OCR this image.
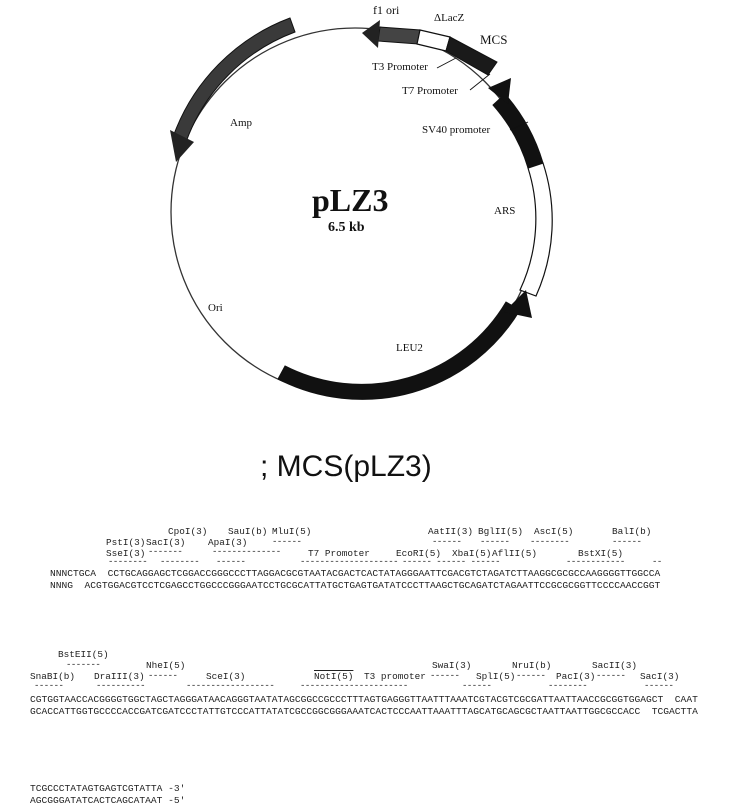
f1 ori
ΔLacZ
MCS
T3 Promoter
T7 Promoter
SV40 promoter
ARS
LEU2
Ori
Amp
pLZ3
6.5 kb
; MCS(pLZ3)
PstI(3) SacI(3)
SseI(3) -------
-------- --------
CpoI(3)
ApaI(3)
--------------
------
SauI(b) MluI(5)
------
T7 Promoter
--------------------
EcoRI(5)
AatII(3)
------
BglII(5)
------
XbaI(5) AflII(5)
------ ------ ------
AscI(5)
--------
BstXI(5)
------------
BalI(b)
------
--
NNNCTGCA  CCTGCAGGAGCTCGGACCGGGCCCTTAGGACGCGTAATACGACTCACTATAGGGAATTCGACGTCTAGATCTTAAGGCGCGCCAAGGGGTTGGCCA
NNNG  ACGTGGACGTCCTCGAGCCTGGCCCGGGAATCCTGCGCATTATGCTGAGTGATATCCCTTAAGCTGCAGATCTAGAATTCCGCGCGGTTCCCCAACCGGT
BstEII(5)
-------
SnaBI(b) DraIII(3)
------	----------
NheI(5)
------	SceI(3)
------------------
NotI(5) T3 promoter
----------------------
SwaI(3)
------ SplI(5)
------
NruI(b)
------ PacI(3)
--------
SacII(3)
------ SacI(3)
------
CGTGGTAACCACGGGGTGGCTAGCTAGGGATAACAGGGTAATATAGCGGCCGCCCTTTAGTGAGGGTTAATTTAAATCGTACGTCGCGATTAATTAACCGCGGTGGAGCT  CAAT
GCACCATTGGTGCCCCACCGATCGATCCCTATTGTCCCATTATATCGCCGGCGGGAAATCACTCCCAATTAAATTTAGCATGCAGCGCTAATTAATTGGCGCCACC  TCGACTTA
TCGCCCTATAGTGAGTCGTATTA -3'
AGCGGGATATCACTCAGCATAAT -5'
